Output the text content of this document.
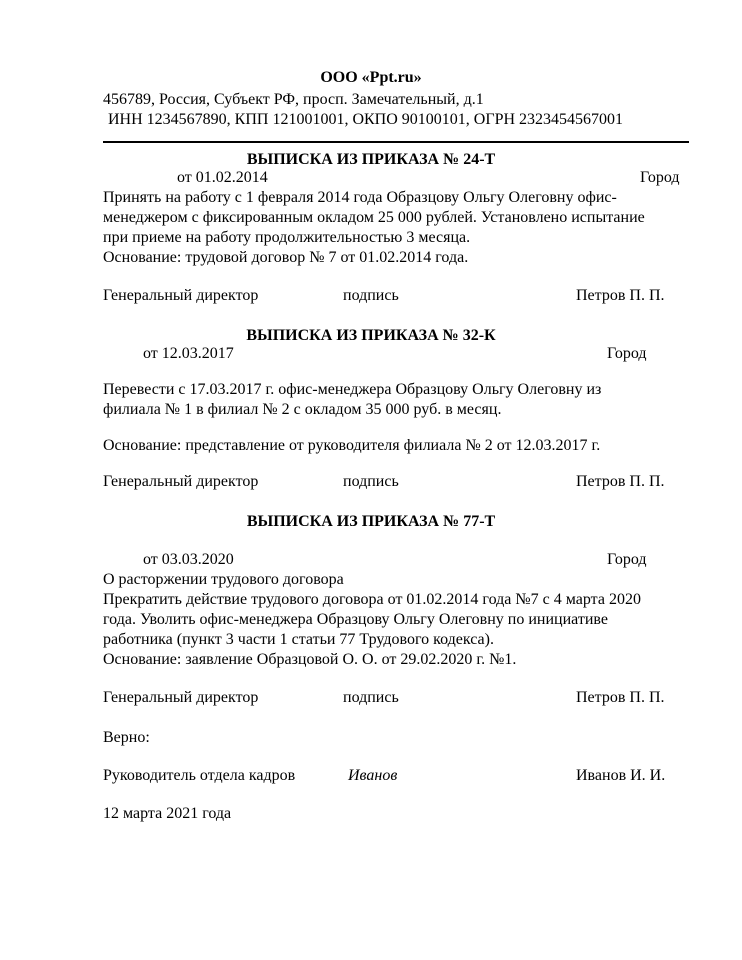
ООО «Ppt.ru»
456789, Россия, Субъект РФ, просп. Замечательный, д.1
ИНН 1234567890, КПП 121001001, ОКПО 90100101, ОГРН 2323454567001
ВЫПИСКА ИЗ ПРИКАЗА № 24-Т
от 01.02.2014	Город
Принять на работу с 1 февраля 2014 года Образцову Ольгу Олеговну офис-
менеджером с фиксированным окладом 25 000 рублей. Установлено испытание
при приеме на работу продолжительностью 3 месяца.
Основание: трудовой договор № 7 от 01.02.2014 года.
Генеральный директор	подпись	Петров П. П.
ВЫПИСКА ИЗ ПРИКАЗА № 32-К
от 12.03.2017	Город
Перевести с 17.03.2017 г. офис-менеджера Образцову Ольгу Олеговну из
филиала № 1 в филиал № 2 с окладом 35 000 руб. в месяц.
Основание: представление от руководителя филиала № 2 от 12.03.2017 г.
Генеральный директор	подпись	Петров П. П.
ВЫПИСКА ИЗ ПРИКАЗА № 77-Т
от 03.03.2020	Город
О расторжении трудового договора
Прекратить действие трудового договора от 01.02.2014 года №7 с 4 марта 2020
года. Уволить офис-менеджера Образцову Ольгу Олеговну по инициативе
работника (пункт 3 части 1 статьи 77 Трудового кодекса).
Основание: заявление Образцовой О. О. от 29.02.2020 г. №1.
Генеральный директор	подпись	Петров П. П.
Верно:
Руководитель отдела кадров	Иванов	Иванов И. И.
12 марта 2021 года
